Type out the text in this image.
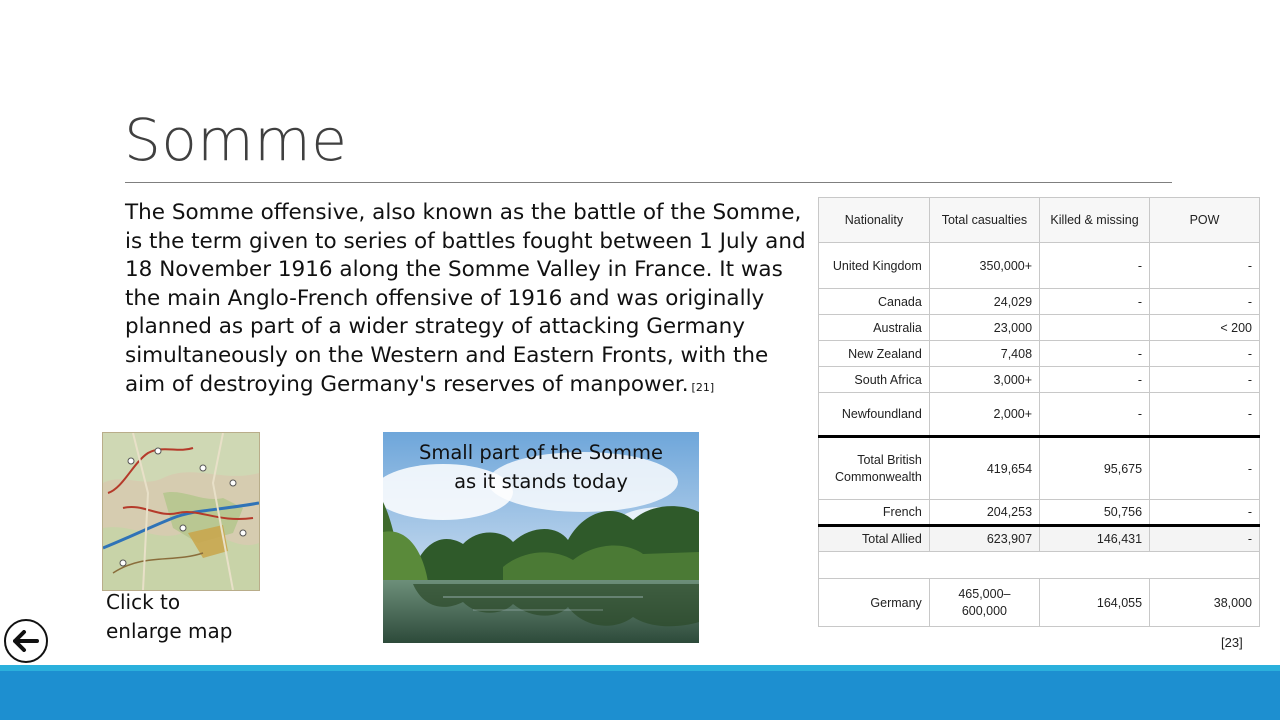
Somme
The Somme offensive, also known as the battle of the Somme, is the term given to series of battles fought between 1 July and 18 November 1916 along the Somme Valley in France. It was the main Anglo-French offensive of 1916 and was originally planned as part of a wider strategy of attacking Germany simultaneously on the Western and Eastern Fronts, with the aim of destroying Germany's reserves of manpower. [21]
Click to
enlarge map
Small part of the Somme
as it stands today
Nationality	Total casualties	Killed & missing	POW
United Kingdom	350,000+	-	-
Canada	24,029	-	-
Australia	23,000		< 200
New Zealand	7,408	-	-
South Africa	3,000+	-	-
Newfoundland	2,000+	-	-
Total British Commonwealth	419,654	95,675	-
French	204,253	50,756	-
Total Allied	623,907	146,431	-

Germany	465,000–600,000	164,055	38,000
[23]
